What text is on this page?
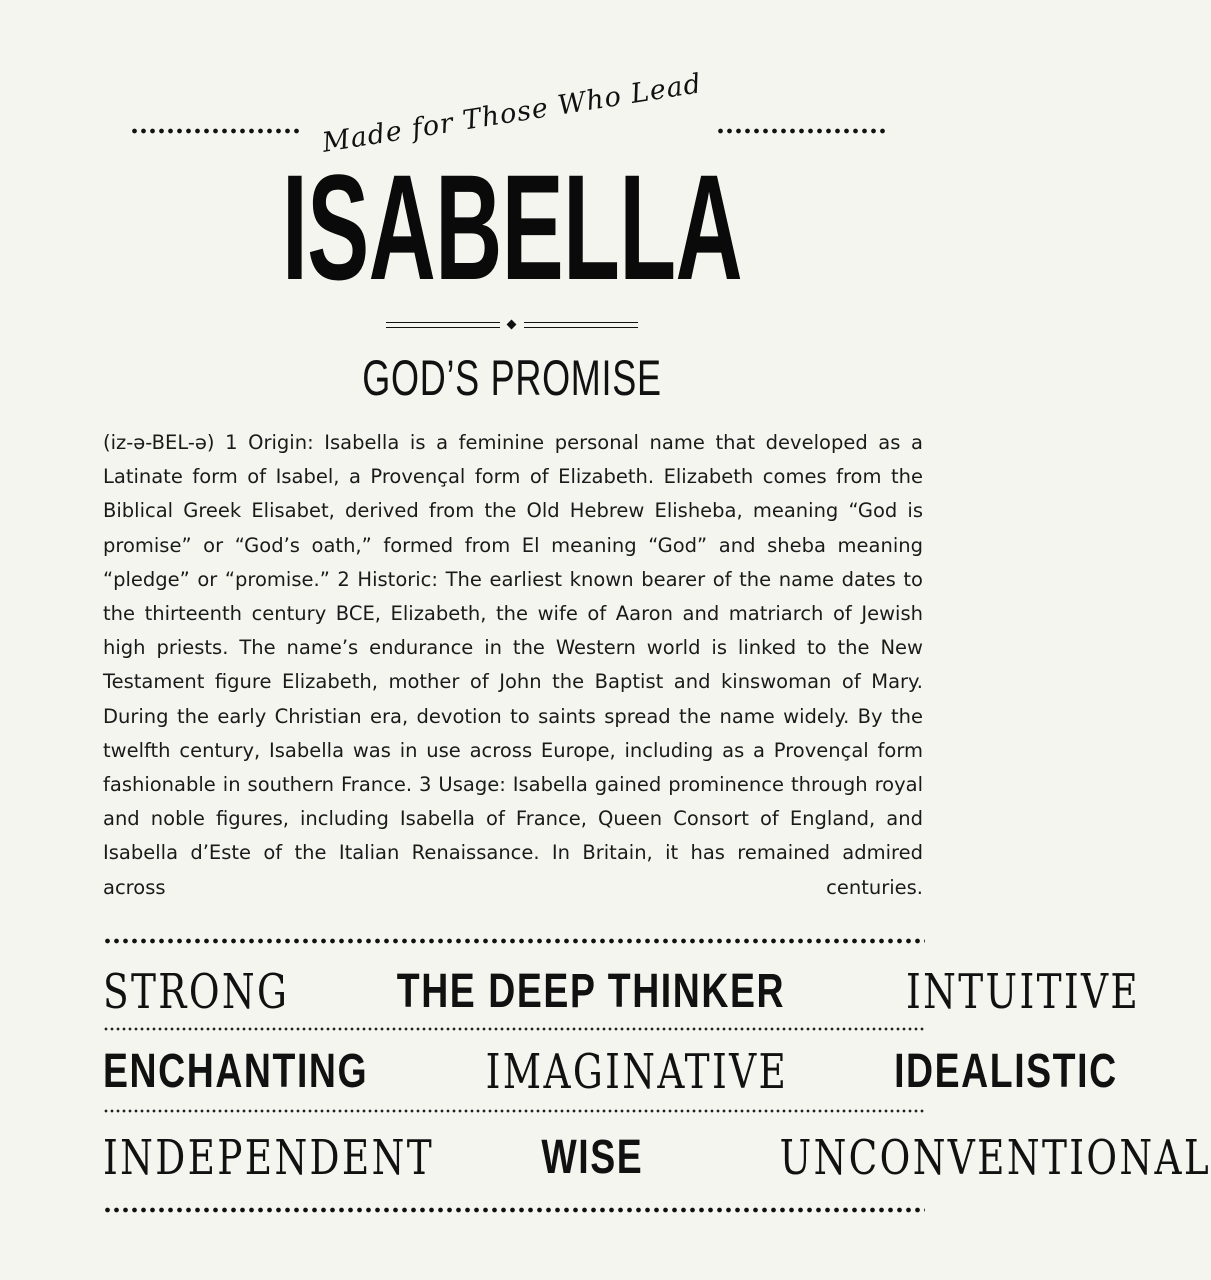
Made for Those Who Lead
ISABELLA
GOD’S PROMISE

(iz-ə-BEL-ə) 1 Origin: Isabella is a feminine personal name that developed as a Latinate form of Isabel, a Provençal form of Elizabeth. Elizabeth comes from the Biblical Greek Elisabet, derived from the Old Hebrew Elisheba, meaning “God is promise” or “God’s oath,” formed from El meaning “God” and sheba meaning “pledge” or “promise.” 2 Historic: The earliest known bearer of the name dates to the thirteenth century BCE, Elizabeth, the wife of Aaron and matriarch of Jewish high priests. The name’s endurance in the Western world is linked to the New Testament figure Elizabeth, mother of John the Baptist and kinswoman of Mary. During the early Christian era, devotion to saints spread the name widely. By the twelfth century, Isabella was in use across Europe, including as a Provençal form fashionable in southern France. 3 Usage: Isabella gained prominence through royal and noble figures, including Isabella of France, Queen Consort of England, and Isabella d’Este of the Italian Renaissance. In Britain, it has remained admired across centuries.

STRONG THE DEEP THINKER	INTUITIVE
ENCHANTING IMAGINATIVE IDEALISTIC
INDEPENDENT WISE	UNCONVENTIONAL
